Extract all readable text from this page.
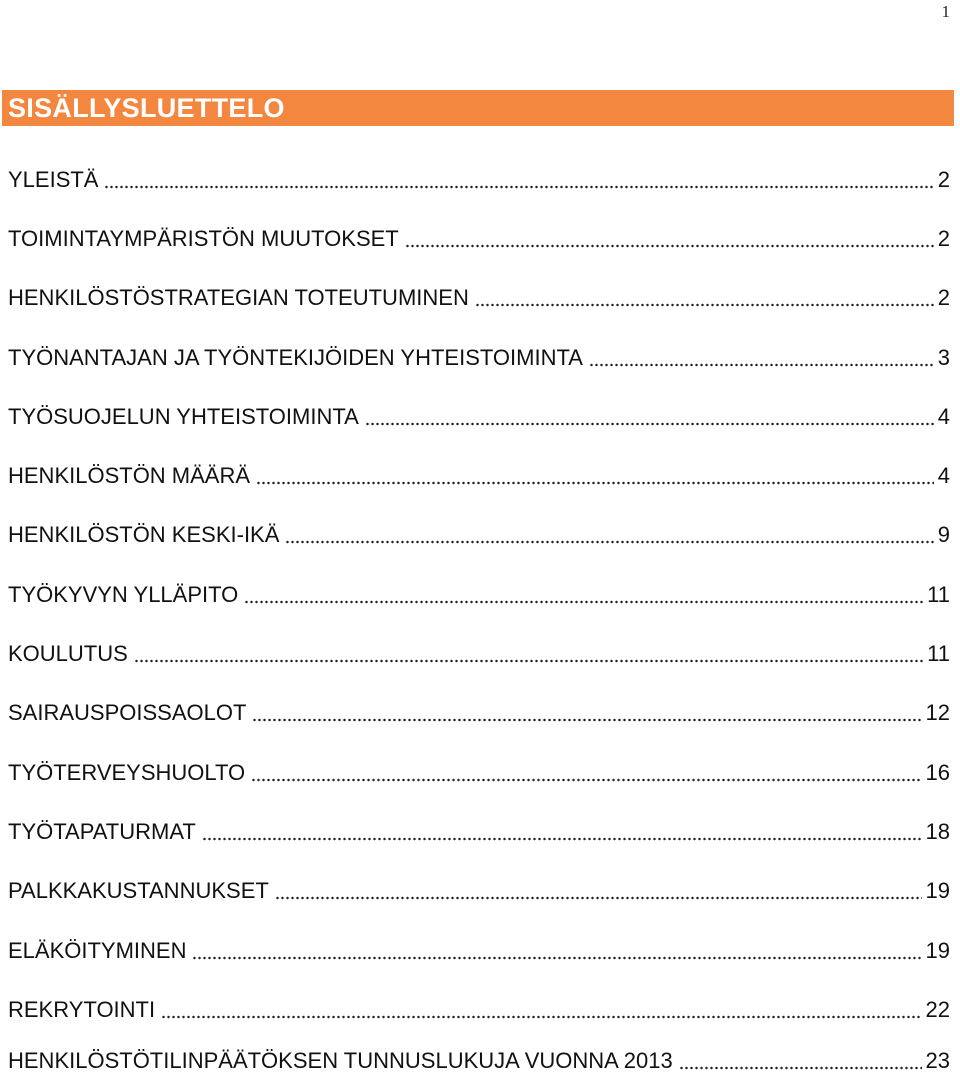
1
SISÄLLYSLUETTELO
YLEISTÄ	2
TOIMINTAYMPÄRISTÖN MUUTOKSET	2
HENKILÖSTÖSTRATEGIAN TOTEUTUMINEN	2
TYÖNANTAJAN JA TYÖNTEKIJÖIDEN YHTEISTOIMINTA	3
TYÖSUOJELUN YHTEISTOIMINTA	4
HENKILÖSTÖN MÄÄRÄ	4
HENKILÖSTÖN KESKI-IKÄ	9
TYÖKYVYN YLLÄPITO	11
KOULUTUS	11
SAIRAUSPOISSAOLOT	12
TYÖTERVEYSHUOLTO	16
TYÖTAPATURMAT	18
PALKKAKUSTANNUKSET	19
ELÄKÖITYMINEN	19
REKRYTOINTI	22
HENKILÖSTÖTILINPÄÄTÖKSEN TUNNUSLUKUJA VUONNA 2013	23
